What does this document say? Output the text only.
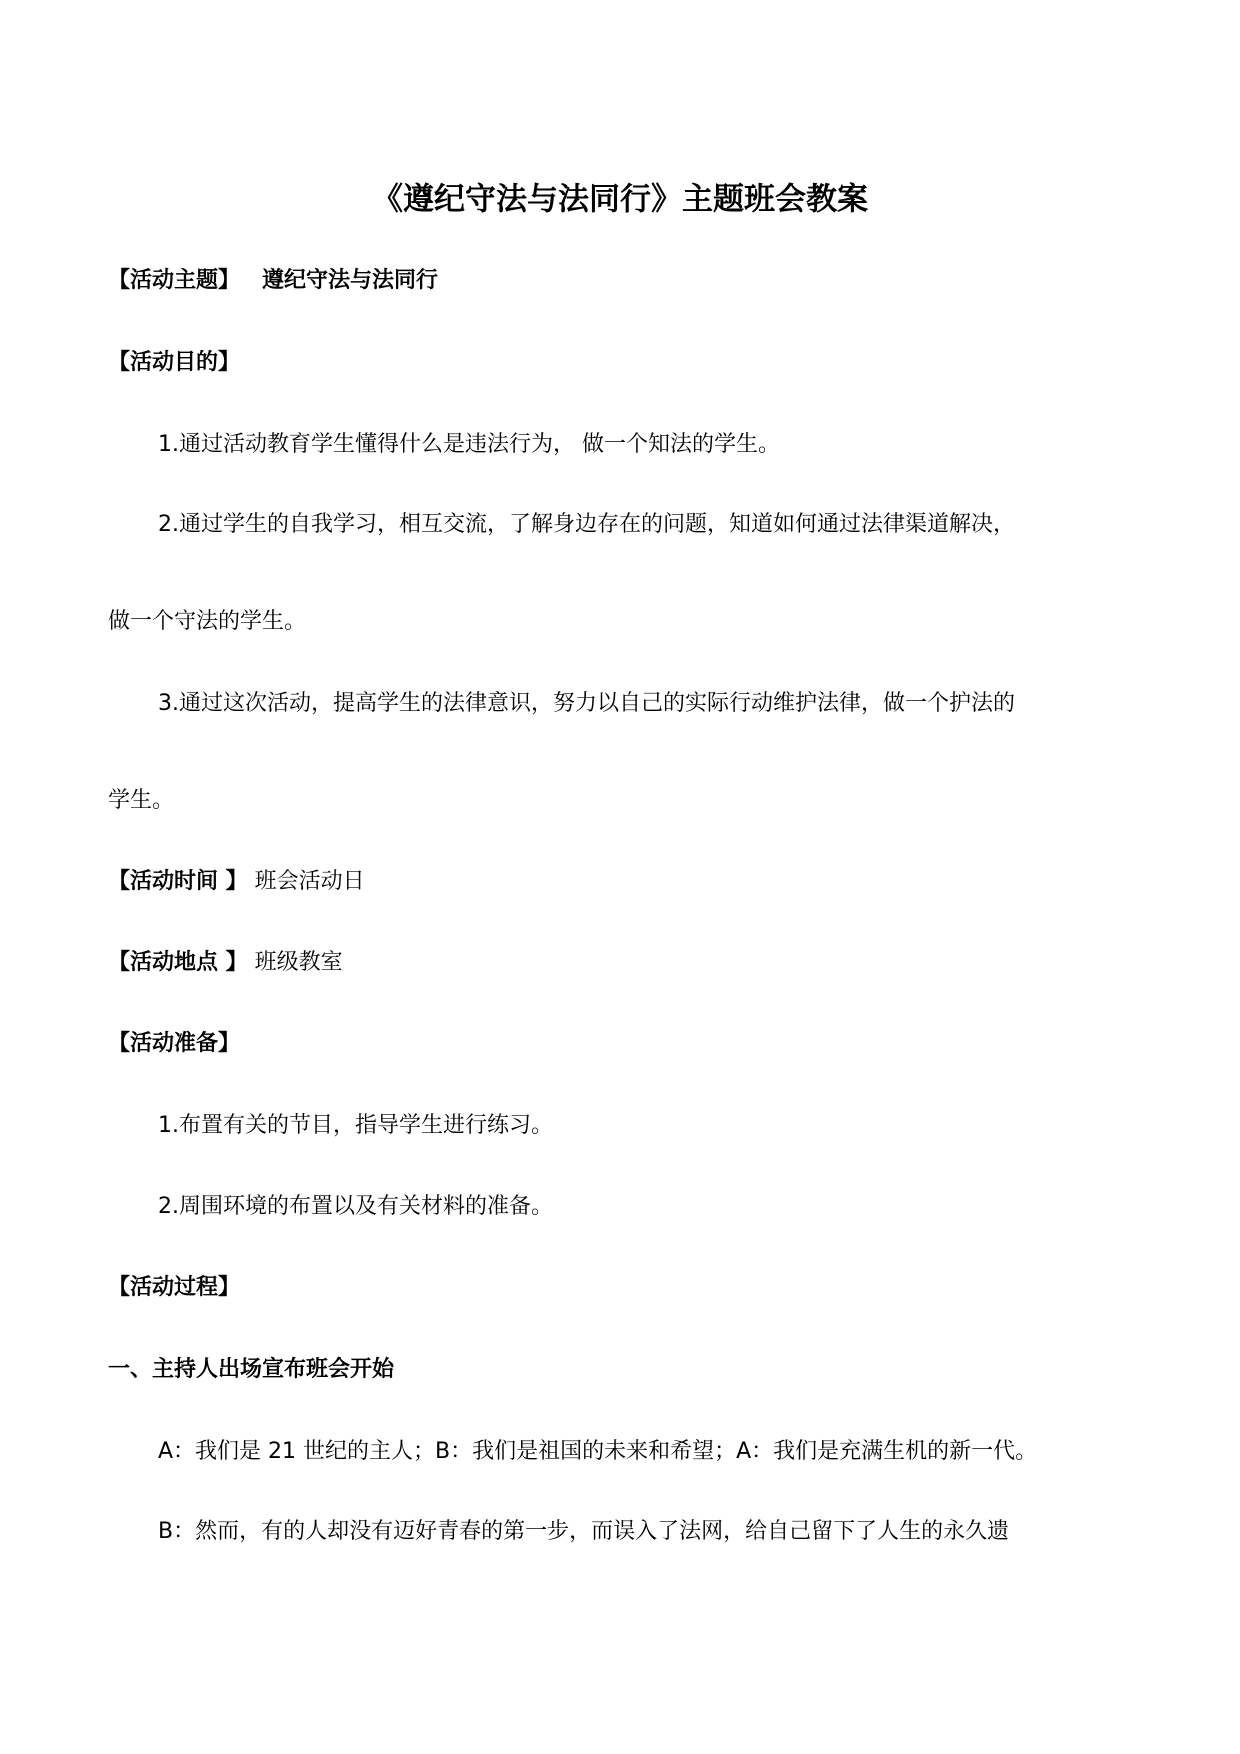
《遵纪守法与法同行》主题班会教案
【活动主题】 遵纪守法与法同行
【活动目的】
1.通过活动教育学生懂得什么是违法行为， 做一个知法的学生。
2.通过学生的自我学习，相互交流，了解身边存在的问题，知道如何通过法律渠道解决，
做一个守法的学生。
3.通过这次活动，提高学生的法律意识，努力以自己的实际行动维护法律，做一个护法的
学生。
【活动时间 】 班会活动日
【活动地点 】 班级教室
【活动准备】
1.布置有关的节目，指导学生进行练习。
2.周围环境的布置以及有关材料的准备。
【活动过程】
一、主持人出场宣布班会开始
A：我们是 21 世纪的主人；B：我们是祖国的未来和希望；A：我们是充满生机的新一代。
B：然而，有的人却没有迈好青春的第一步，而误入了法网，给自己留下了人生的永久遗
